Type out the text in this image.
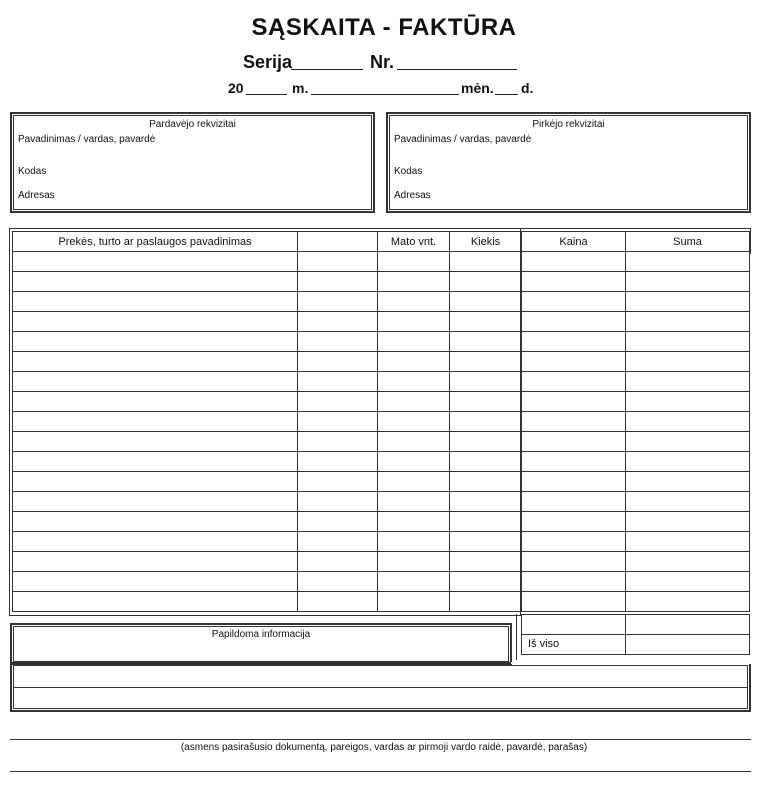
SĄSKAITA - FAKTŪRA
Serija	Nr.
20	m.	mėn. d.
Pardavėjo rekvizitai
Pavadinimas / vardas, pavardė
Kodas
Adresas
Pirkėjo rekvizitai
Pavadinimas / vardas, pavardė
Kodas
Adresas
Prekės, turto ar paslaugos pavadinimas		Mato vnt.	Kiekis	Kaina	Suma

Iš viso
Papildoma informacija
(asmens pasirašusio dokumentą, pareigos, vardas ar pirmoji vardo raidė, pavardė, parašas)
